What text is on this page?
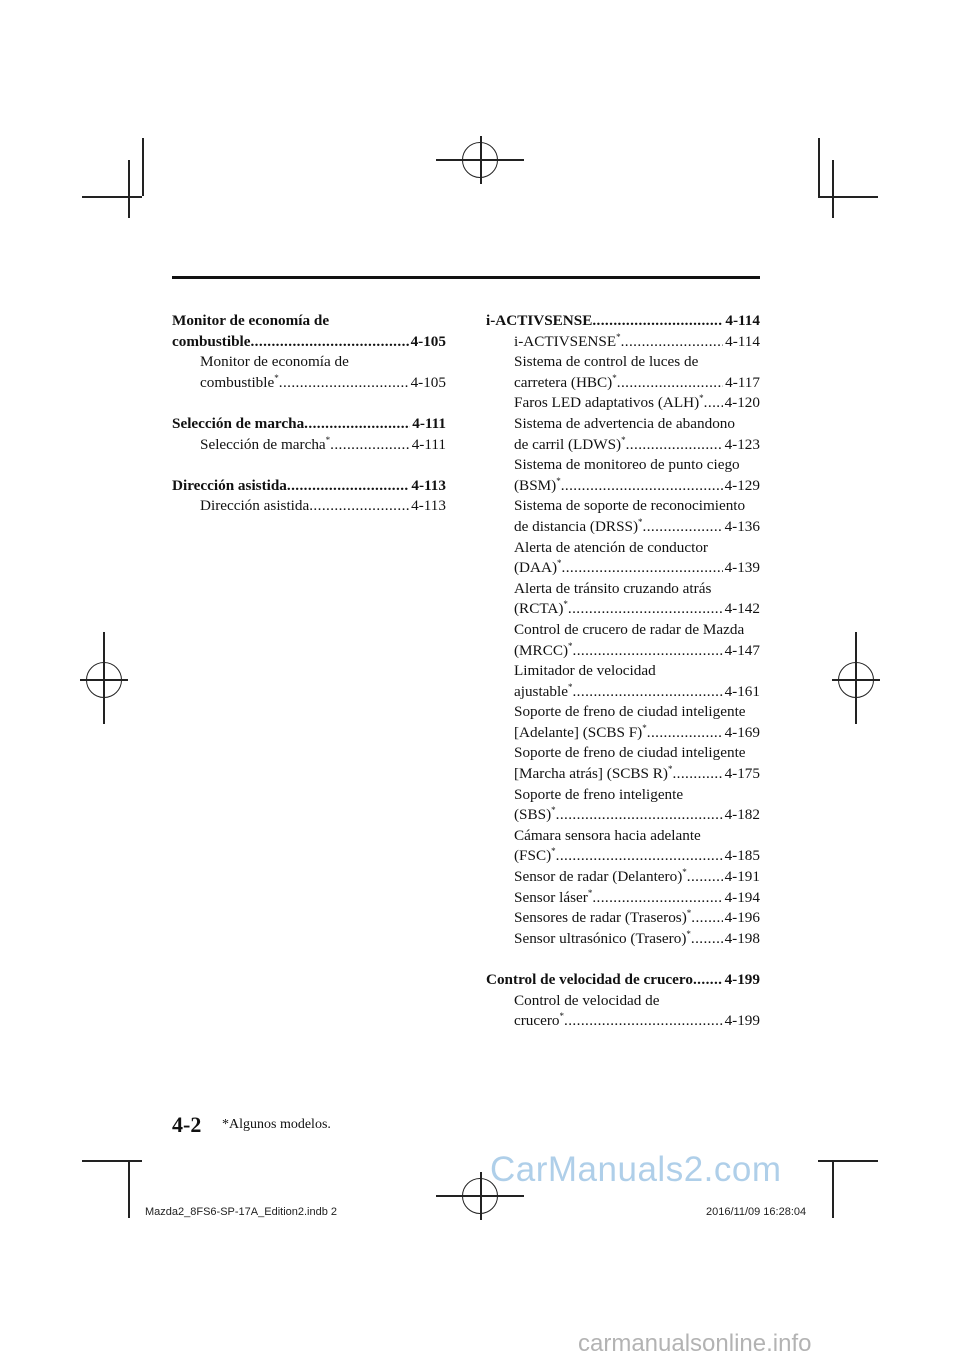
Monitor de economía de
combustible .....	4-105
Monitor de economía de
combustible* .....	4-105
Selección de marcha .....	4-111
Selección de marcha* .....	4-111
Dirección asistida .....	4-113
Dirección asistida .....	4-113
i-ACTIVSENSE .....	4-114
i-ACTIVSENSE* .....	4-114
Sistema de control de luces de
carretera (HBC)* .....	4-117
Faros LED adaptativos (ALH)* ..... 4-120
Sistema de advertencia de abandono
de carril (LDWS)* .....	4-123
Sistema de monitoreo de punto ciego
(BSM)* .....	4-129
Sistema de soporte de reconocimiento
de distancia (DRSS)* .....	4-136
Alerta de atención de conductor
(DAA)* .....	4-139
Alerta de tránsito cruzando atrás
(RCTA)* .....	4-142
Control de crucero de radar de Mazda
(MRCC)* .....	4-147
Limitador de velocidad
ajustable* .....	4-161
Soporte de freno de ciudad inteligente
[Adelante] (SCBS F)* .....	4-169
Soporte de freno de ciudad inteligente
[Marcha atrás] (SCBS R)* .....	4-175
Soporte de freno inteligente
(SBS)* .....	4-182
Cámara sensora hacia adelante
(FSC)* .....	4-185
Sensor de radar (Delantero)* ..... 4-191
Sensor láser* .....	4-194
Sensores de radar (Traseros)* ..... 4-196
Sensor ultrasónico (Trasero)* ..... 4-198
Control de velocidad de crucero ..... 4-199
Control de velocidad de
crucero* .....	4-199
4-2 *Algunos modelos.
CarManuals2.com
Mazda2_8FS6-SP-17A_Edition2.indb 2	2016/11/09 16:28:04
carmanualsonline.info
